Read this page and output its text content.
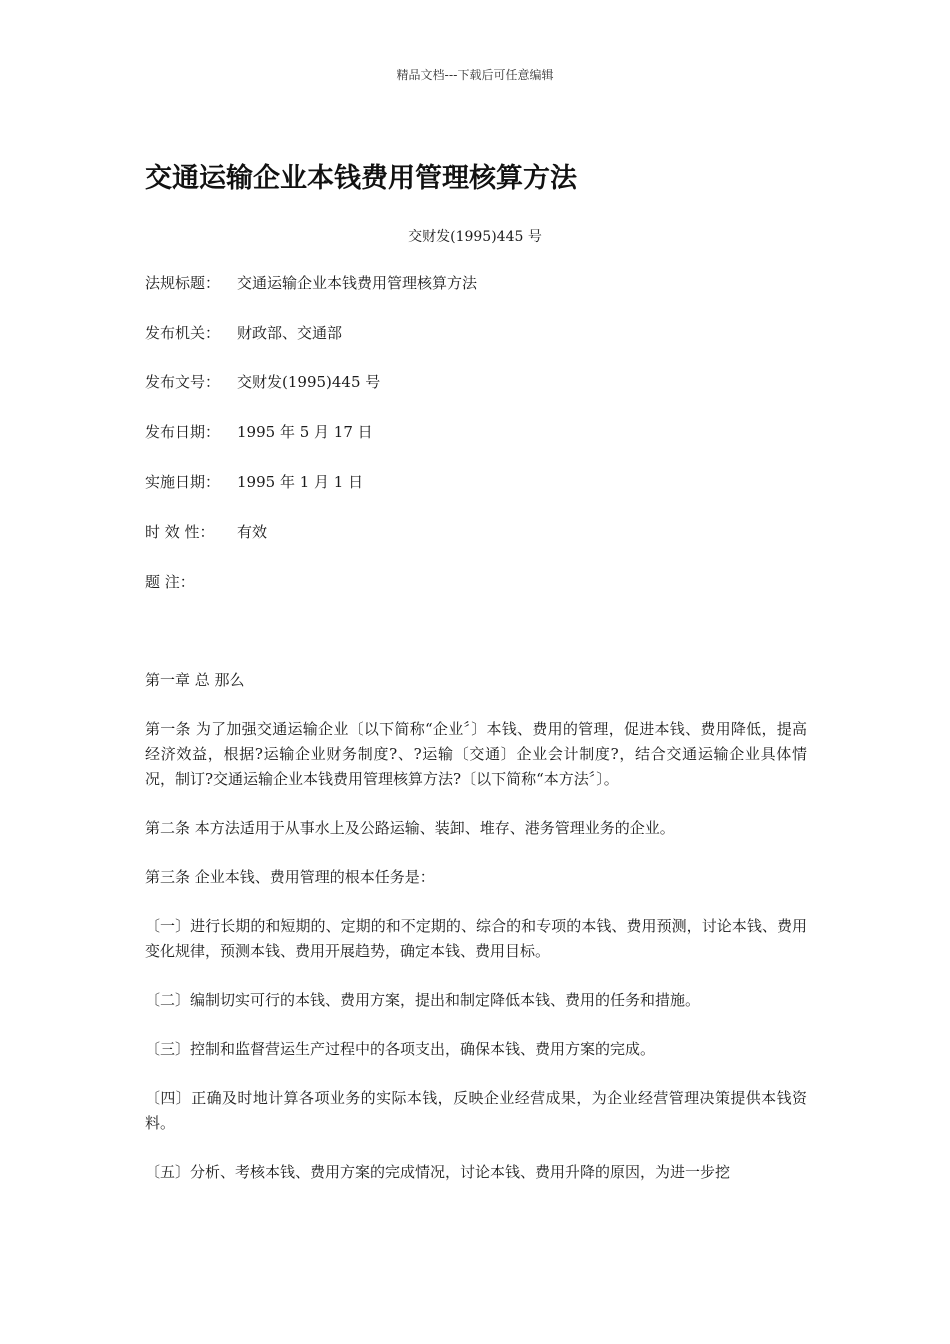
精品文档---下载后可任意编辑
交通运输企业本钱费用管理核算方法
交财发(1995)445 号
法规标题： 交通运输企业本钱费用管理核算方法
发布机关： 财政部、交通部
发布文号： 交财发(1995)445 号
发布日期： 1995 年 5 月 17 日
实施日期： 1995 年 1 月 1 日
时 效 性： 有效
题 注：

第一章 总 那么

第一条 为了加强交通运输企业〔以下简称“企业〞〕本钱、费用的管理，促进本钱、费用降低，提高经济效益，根据?运输企业财务制度?、?运输〔交通〕企业会计制度?，结合交通运输企业具体情况，制订?交通运输企业本钱费用管理核算方法?〔以下简称“本方法〞〕。

第二条 本方法适用于从事水上及公路运输、装卸、堆存、港务管理业务的企业。

第三条 企业本钱、费用管理的根本任务是：

〔一〕进行长期的和短期的、定期的和不定期的、综合的和专项的本钱、费用预测，讨论本钱、费用变化规律，预测本钱、费用开展趋势，确定本钱、费用目标。

〔二〕编制切实可行的本钱、费用方案，提出和制定降低本钱、费用的任务和措施。

〔三〕控制和监督营运生产过程中的各项支出，确保本钱、费用方案的完成。

〔四〕正确及时地计算各项业务的实际本钱，反映企业经营成果，为企业经营管理决策提供本钱资料。

〔五〕分析、考核本钱、费用方案的完成情况，讨论本钱、费用升降的原因，为进一步挖
